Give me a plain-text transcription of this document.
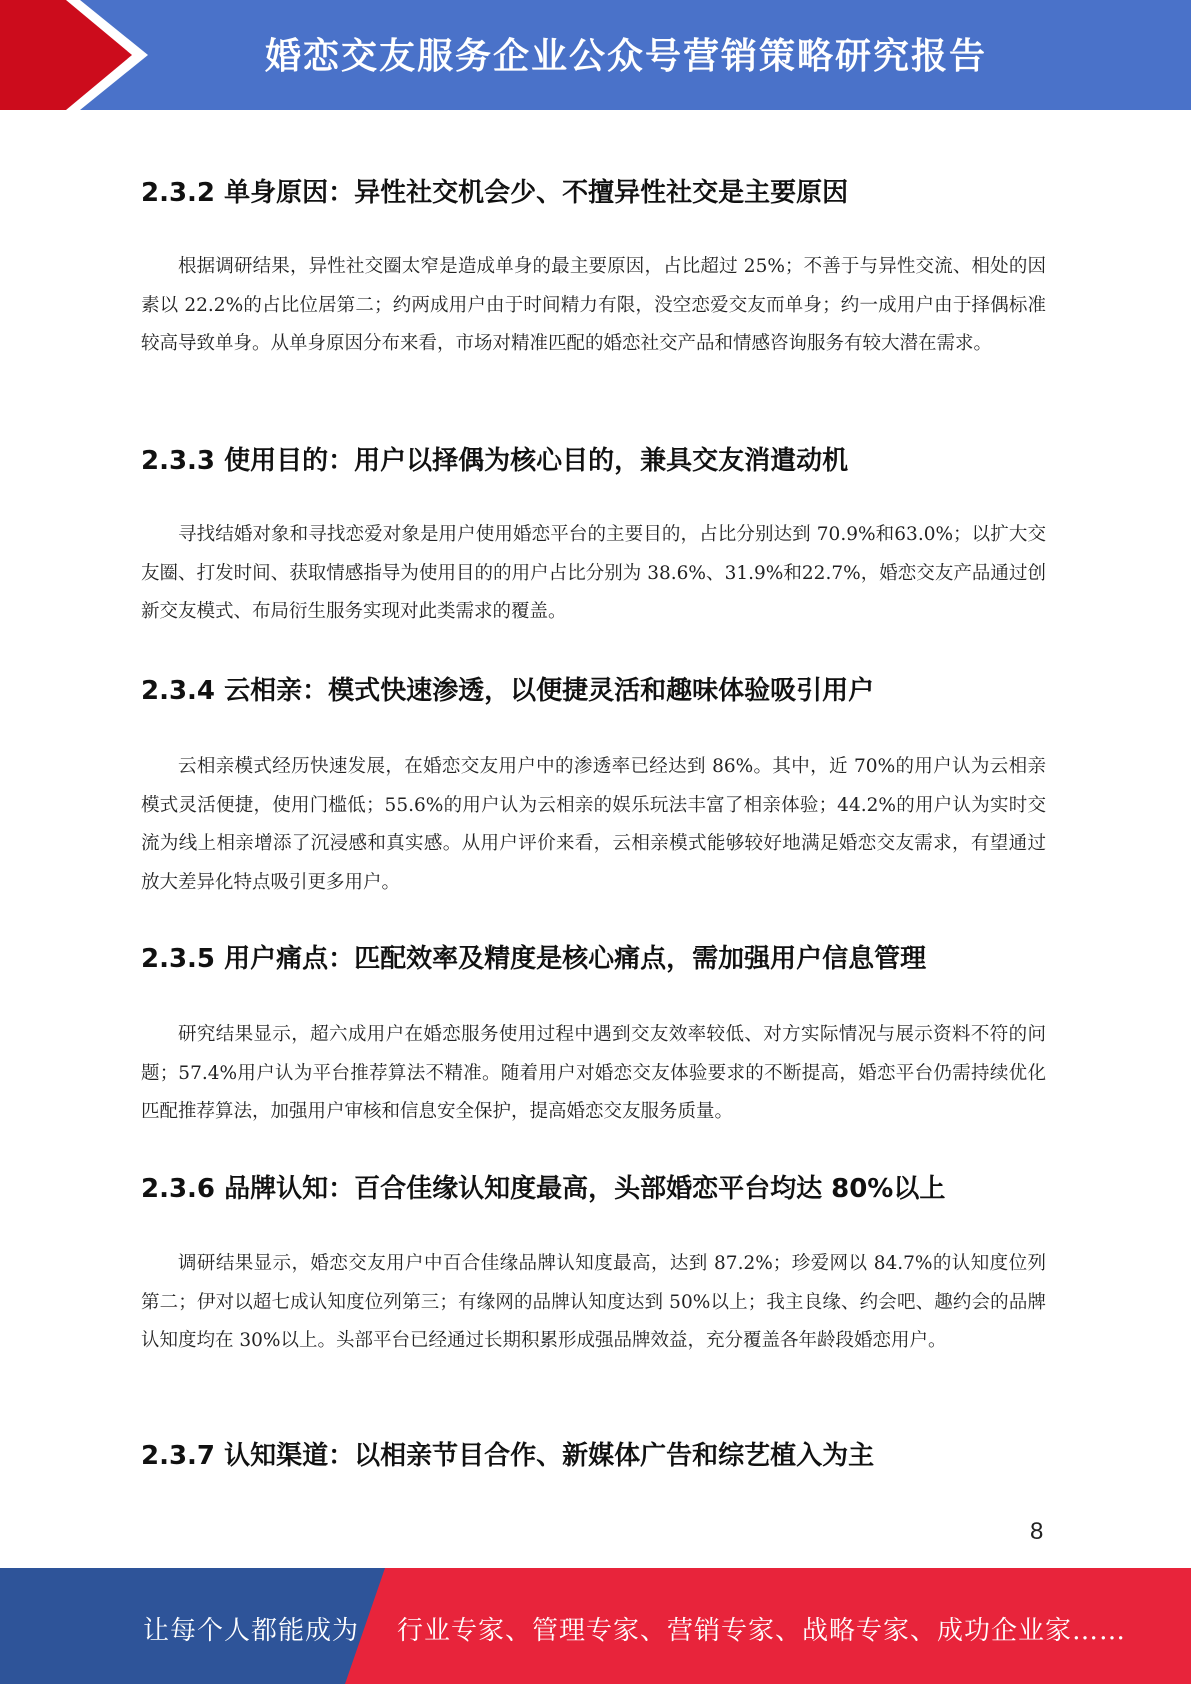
婚恋交友服务企业公众号营销策略研究报告
2.3.2 单身原因：异性社交机会少、不擅异性社交是主要原因
根据调研结果，异性社交圈太窄是造成单身的最主要原因，占比超过 25%；不善于与异性交流、相处的因素以 22.2%的占比位居第二；约两成用户由于时间精力有限，没空恋爱交友而单身；约一成用户由于择偶标准较高导致单身。从单身原因分布来看，市场对精准匹配的婚恋社交产品和情感咨询服务有较大潜在需求。
2.3.3 使用目的：用户以择偶为核心目的，兼具交友消遣动机
寻找结婚对象和寻找恋爱对象是用户使用婚恋平台的主要目的，占比分别达到 70.9%和63.0%；以扩大交友圈、打发时间、获取情感指导为使用目的的用户占比分别为 38.6%、31.9%和22.7%，婚恋交友产品通过创新交友模式、布局衍生服务实现对此类需求的覆盖。
2.3.4 云相亲：模式快速渗透，以便捷灵活和趣味体验吸引用户
云相亲模式经历快速发展，在婚恋交友用户中的渗透率已经达到 86%。其中，近 70%的用户认为云相亲模式灵活便捷，使用门槛低；55.6%的用户认为云相亲的娱乐玩法丰富了相亲体验；44.2%的用户认为实时交流为线上相亲增添了沉浸感和真实感。从用户评价来看，云相亲模式能够较好地满足婚恋交友需求，有望通过放大差异化特点吸引更多用户。
2.3.5 用户痛点：匹配效率及精度是核心痛点，需加强用户信息管理
研究结果显示，超六成用户在婚恋服务使用过程中遇到交友效率较低、对方实际情况与展示资料不符的问题；57.4%用户认为平台推荐算法不精准。随着用户对婚恋交友体验要求的不断提高，婚恋平台仍需持续优化匹配推荐算法，加强用户审核和信息安全保护，提高婚恋交友服务质量。
2.3.6 品牌认知：百合佳缘认知度最高，头部婚恋平台均达 80%以上
调研结果显示，婚恋交友用户中百合佳缘品牌认知度最高，达到 87.2%；珍爱网以 84.7%的认知度位列第二；伊对以超七成认知度位列第三；有缘网的品牌认知度达到 50%以上；我主良缘、约会吧、趣约会的品牌认知度均在 30%以上。头部平台已经通过长期积累形成强品牌效益，充分覆盖各年龄段婚恋用户。
2.3.7 认知渠道：以相亲节目合作、新媒体广告和综艺植入为主
8
让每个人都能成为 行业专家、管理专家、营销专家、战略专家、成功企业家……
